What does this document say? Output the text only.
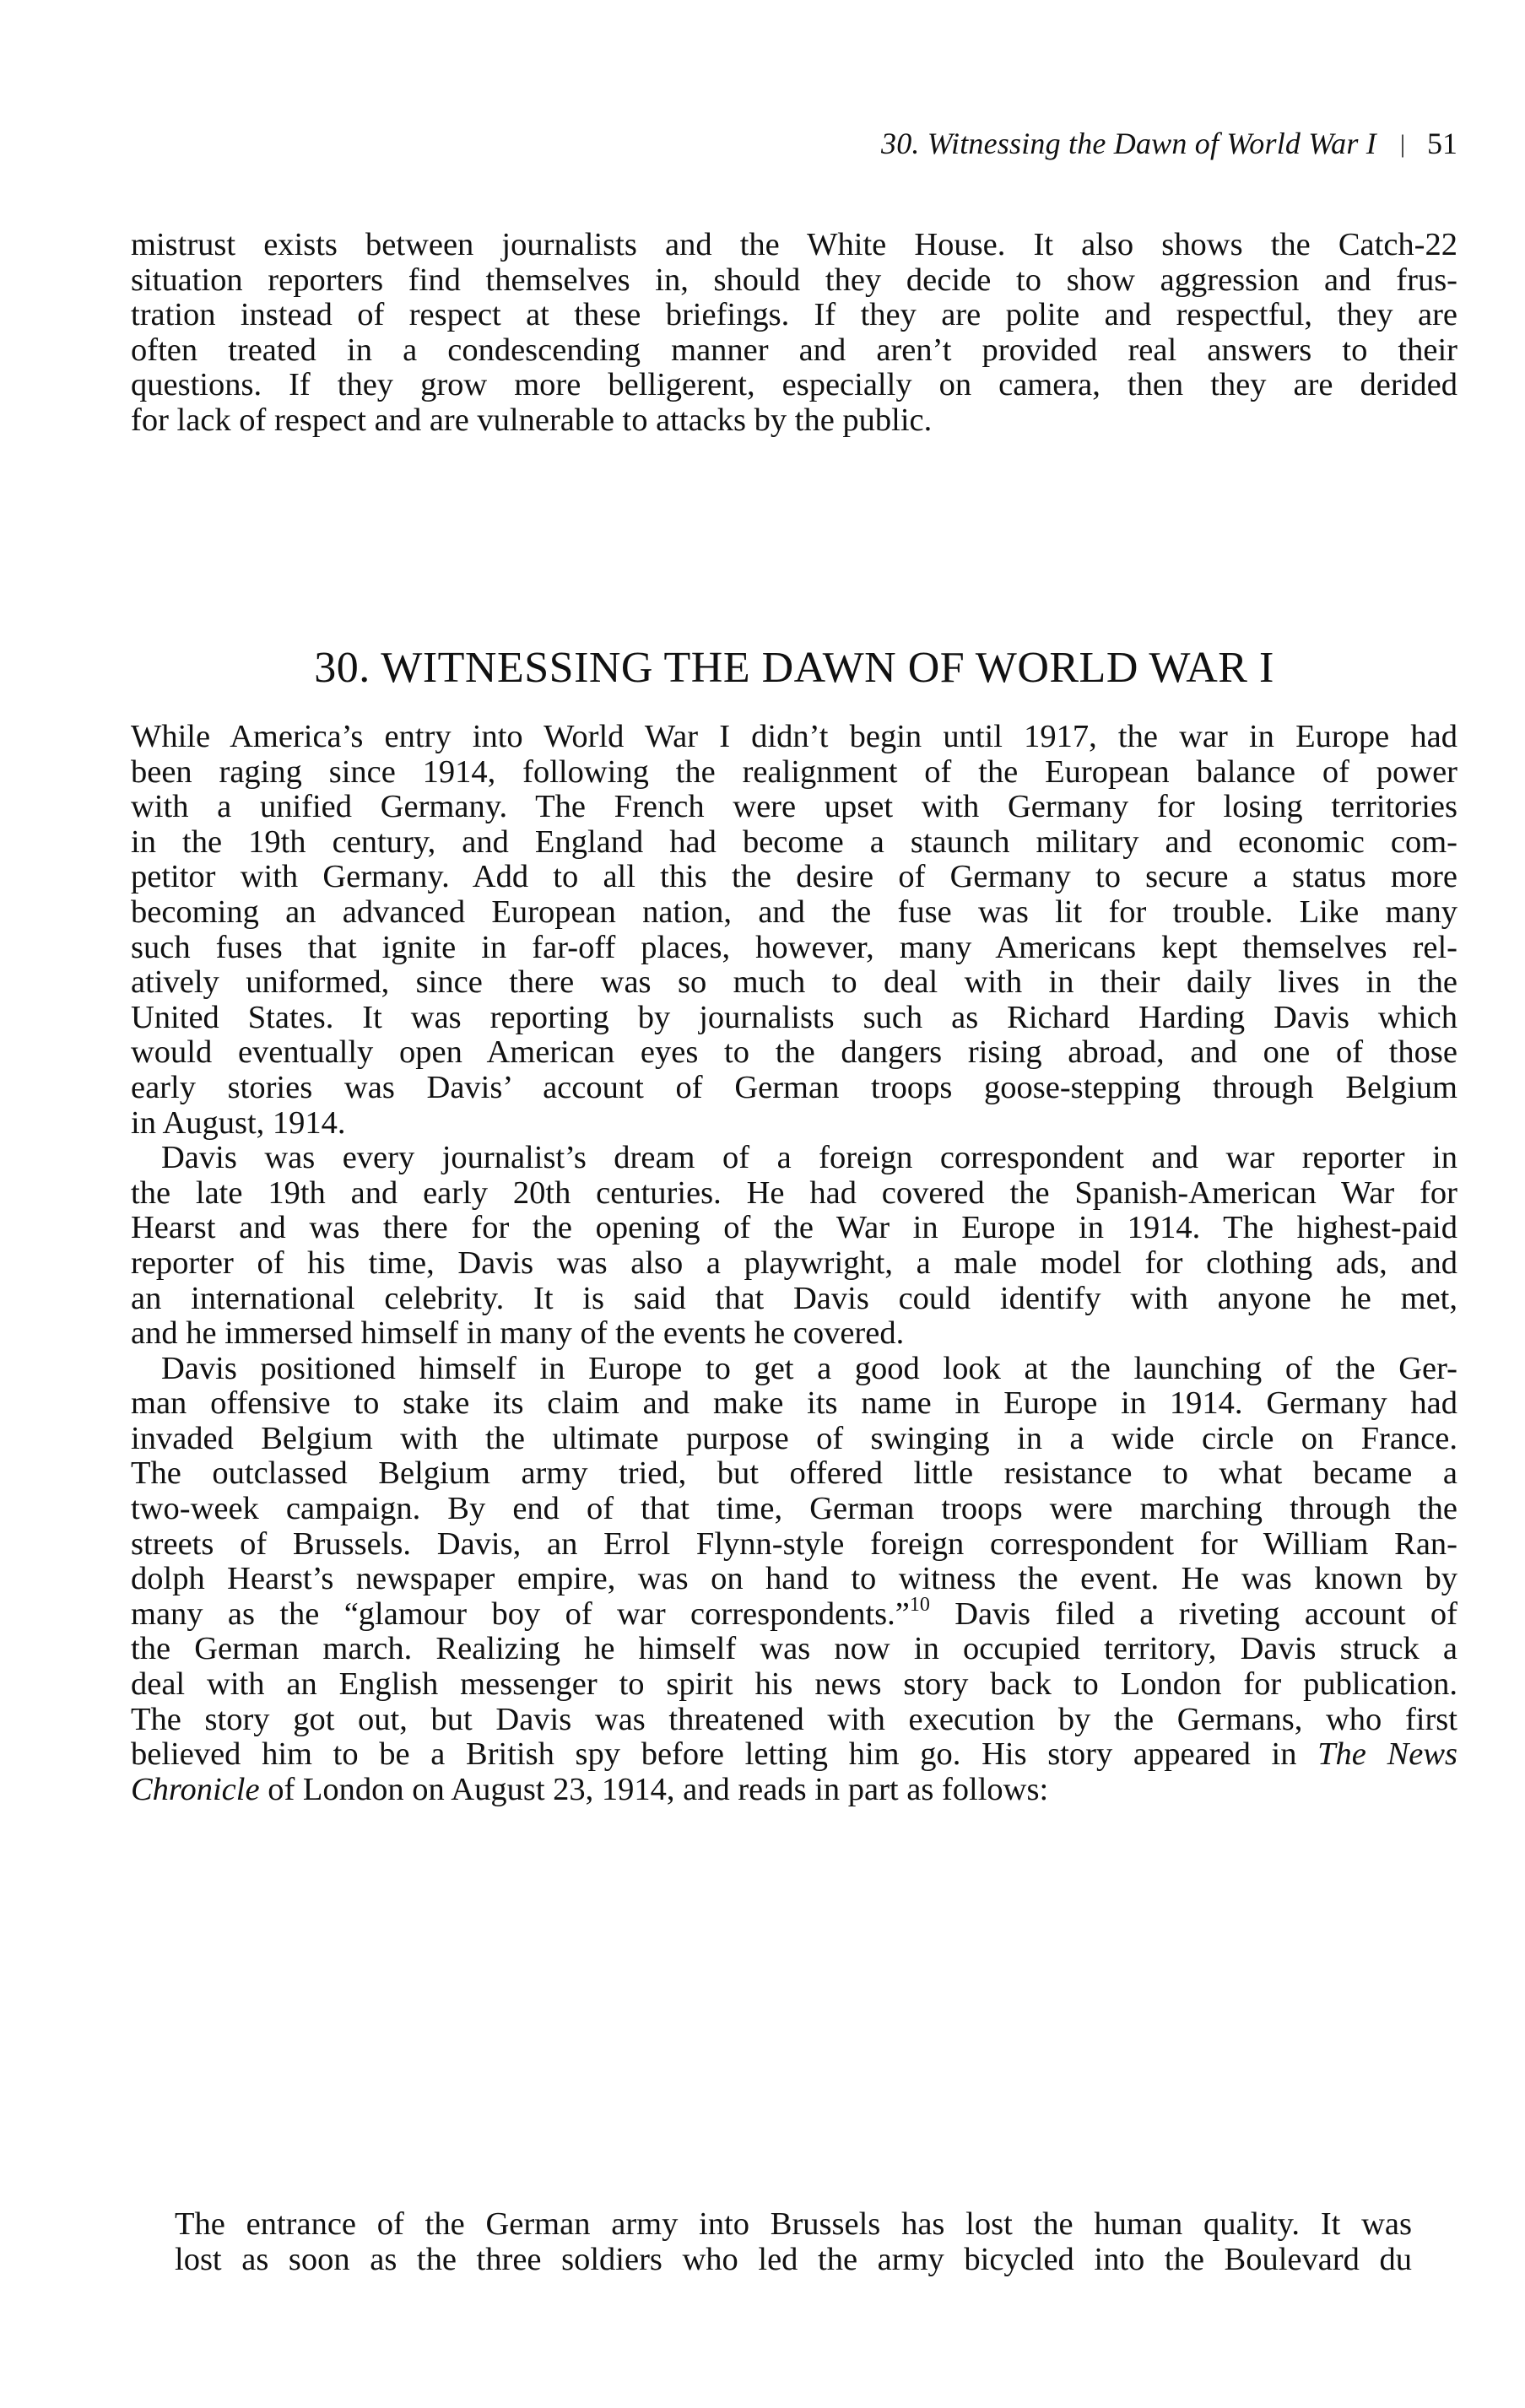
30. Witnessing the Dawn of World War I | 51
mistrust exists between journalists and the White House. It also shows the Catch-22
situation reporters find themselves in, should they decide to show aggression and frus-
tration instead of respect at these briefings. If they are polite and respectful, they are
often treated in a condescending manner and aren’t provided real answers to their
questions. If they grow more belligerent, especially on camera, then they are derided
for lack of respect and are vulnerable to attacks by the public.
30. WITNESSING THE DAWN OF WORLD WAR I
While America’s entry into World War I didn’t begin until 1917, the war in Europe had
been raging since 1914, following the realignment of the European balance of power
with a unified Germany. The French were upset with Germany for losing territories
in the 19th century, and England had become a staunch military and economic com-
petitor with Germany. Add to all this the desire of Germany to secure a status more
becoming an advanced European nation, and the fuse was lit for trouble. Like many
such fuses that ignite in far-off places, however, many Americans kept themselves rel-
atively uniformed, since there was so much to deal with in their daily lives in the
United States. It was reporting by journalists such as Richard Harding Davis which
would eventually open American eyes to the dangers rising abroad, and one of those
early stories was Davis’ account of German troops goose-stepping through Belgium
in August, 1914.
Davis was every journalist’s dream of a foreign correspondent and war reporter in
the late 19th and early 20th centuries. He had covered the Spanish-American War for
Hearst and was there for the opening of the War in Europe in 1914. The highest-paid
reporter of his time, Davis was also a playwright, a male model for clothing ads, and
an international celebrity. It is said that Davis could identify with anyone he met,
and he immersed himself in many of the events he covered.
Davis positioned himself in Europe to get a good look at the launching of the Ger-
man offensive to stake its claim and make its name in Europe in 1914. Germany had
invaded Belgium with the ultimate purpose of swinging in a wide circle on France.
The outclassed Belgium army tried, but offered little resistance to what became a
two-week campaign. By end of that time, German troops were marching through the
streets of Brussels. Davis, an Errol Flynn-style foreign correspondent for William Ran-
dolph Hearst’s newspaper empire, was on hand to witness the event. He was known by
many as the “glamour boy of war correspondents.”$^{10}$ Davis filed a riveting account of
the German march. Realizing he himself was now in occupied territory, Davis struck a
deal with an English messenger to spirit his news story back to London for publication.
The story got out, but Davis was threatened with execution by the Germans, who first
believed him to be a British spy before letting him go. His story appeared in The News
Chronicle of London on August 23, 1914, and reads in part as follows:
The entrance of the German army into Brussels has lost the human quality. It was
lost as soon as the three soldiers who led the army bicycled into the Boulevard du
